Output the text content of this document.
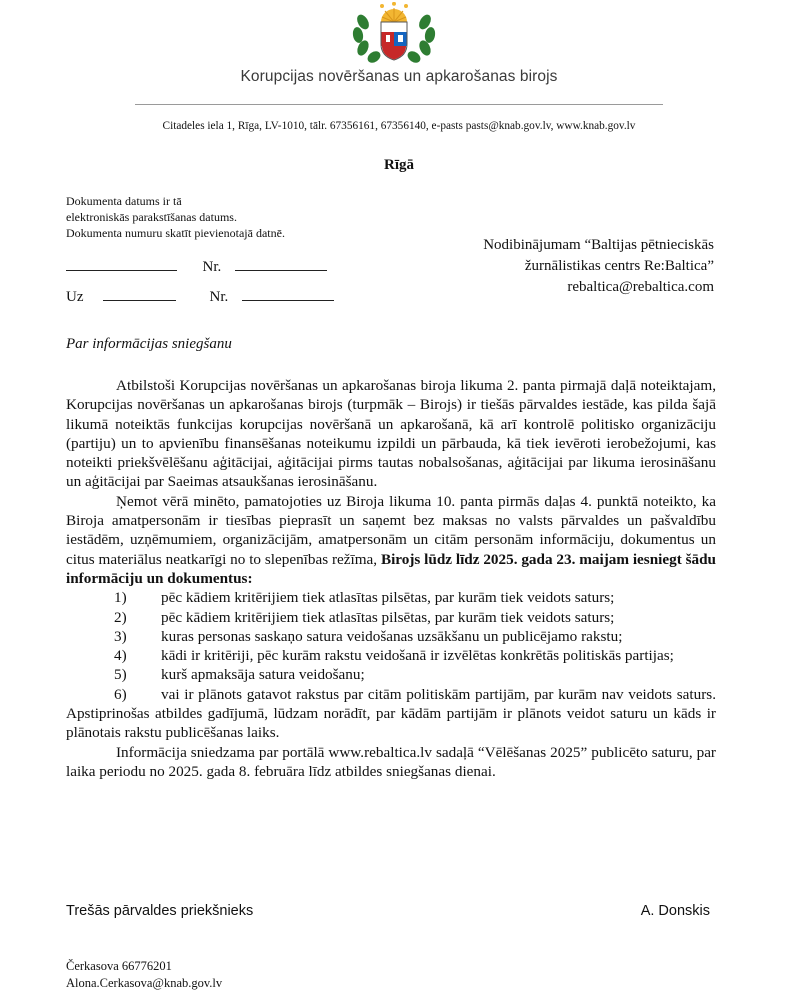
Korupcijas novēršanas un apkarošanas birojs
Citadeles iela 1, Rīga, LV-1010, tālr. 67356161, 67356140, e-pasts pasts@knab.gov.lv, www.knab.gov.lv
Rīgā
Dokumenta datums ir tā
elektroniskās parakstīšanas datums.
Dokumenta numuru skatīt pievienotajā datnē.
Nr.
Uz	Nr.
Nodibinājumam “Baltijas pētnieciskās
žurnālistikas centrs Re:Baltica”
rebaltica@rebaltica.com
Par informācijas sniegšanu

Atbilstoši Korupcijas novēršanas un apkarošanas biroja likuma 2. panta pirmajā daļā noteiktajam, Korupcijas novēršanas un apkarošanas birojs (turpmāk – Birojs) ir tiešās pārvaldes iestāde, kas pilda šajā likumā noteiktās funkcijas korupcijas novēršanā un apkarošanā, kā arī kontrolē politisko organizāciju (partiju) un to apvienību finansēšanas noteikumu izpildi un pārbauda, kā tiek ievēroti ierobežojumi, kas noteikti priekšvēlēšanu aģitācijai, aģitācijai pirms tautas nobalsošanas, aģitācijai par likuma ierosināšanu un aģitācijai par Saeimas atsaukšanas ierosināšanu.

Ņemot vērā minēto, pamatojoties uz Biroja likuma 10. panta pirmās daļas 4. punktā noteikto, ka Biroja amatpersonām ir tiesības pieprasīt un saņemt bez maksas no valsts pārvaldes un pašvaldību iestādēm, uzņēmumiem, organizācijām, amatpersonām un citām personām informāciju, dokumentus un citus materiālus neatkarīgi no to slepenības režīma, Birojs lūdz līdz 2025. gada 23. maijam iesniegt šādu informāciju un dokumentus:

1) pēc kādiem kritērijiem tiek atlasītas pilsētas, par kurām tiek veidots saturs;
2) pēc kādiem kritērijiem tiek atlasītas pilsētas, par kurām tiek veidots saturs;
3) kuras personas saskaņo satura veidošanas uzsākšanu un publicējamo rakstu;
4) kādi ir kritēriji, pēc kurām rakstu veidošanā ir izvēlētas konkrētās politiskās partijas;
5) kurš apmaksāja satura veidošanu;
6) vai ir plānots gatavot rakstus par citām politiskām partijām, par kurām nav veidots saturs. Apstiprinošas atbildes gadījumā, lūdzam norādīt, par kādām partijām ir plānots veidot saturu un kāds ir plānotais rakstu publicēšanas laiks.

Informācija sniedzama par portālā www.rebaltica.lv sadaļā “Vēlēšanas 2025” publicēto saturu, par laika periodu no 2025. gada 8. februāra līdz atbildes sniegšanas dienai.

Trešās pārvaldes priekšnieks	A. Donskis
Čerkasova 66776201
Alona.Cerkasova@knab.gov.lv
